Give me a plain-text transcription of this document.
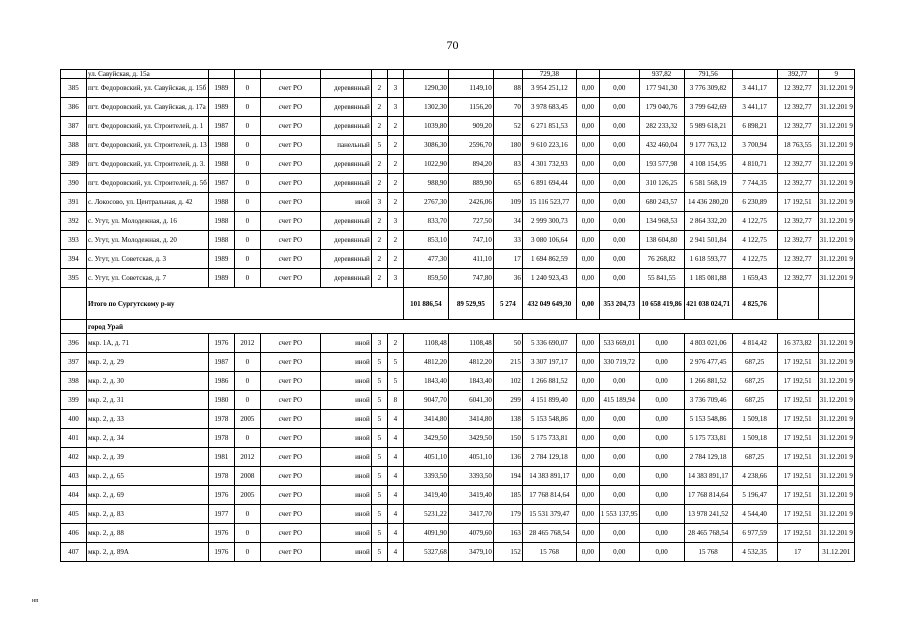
70
	ул. Савуйская, д. 15а										729,38			937,82	791,56		392,77	9
385	пгт. Федоровский, ул. Савуйская, д. 15б	1989	0	счет РО	деревянный	2	3	1290,30	1149,10	88	3 954 251,12	0,00	0,00	177 941,30	3 776 309,82	3 441,17	12 392,77	31.12.201 9
386	пгт. Федоровский, ул. Савуйская, д. 17а	1989	0	счет РО	деревянный	2	3	1302,30	1156,20	70	3 978 683,45	0,00	0,00	179 040,76	3 799 642,69	3 441,17	12 392,77	31.12.201 9
387	пгт. Федоровский, ул. Строителей, д. 1	1987	0	счет РО	деревянный	2	2	1039,80	909,20	52	6 271 851,53	0,00	0,00	282 233,32	5 989 618,21	6 898,21	12 392,77	31.12.201 9
388	пгт. Федоровский, ул. Строителей, д. 13	1988	0	счет РО	панельный	5	2	3086,30	2596,70	180	9 610 223,16	0,00	0,00	432 460,04	9 177 763,12	3 700,94	18 763,55	31.12.201 9
389	пгт. Федоровский, ул. Строителей, д. 3.	1988	0	счет РО	деревянный	2	2	1022,90	894,20	83	4 301 732,93	0,00	0,00	193 577,98	4 108 154,95	4 810,71	12 392,77	31.12.201 9
390	пгт. Федоровский, ул. Строителей, д. 5б	1987	0	счет РО	деревянный	2	2	988,90	889,90	65	6 891 694,44	0,00	0,00	310 126,25	6 581 568,19	7 744,35	12 392,77	31.12.201 9
391	с. Локосово, ул. Центральная, д. 42	1988	0	счет РО	иной	3	2	2767,30	2426,06	109	15 116 523,77	0,00	0,00	680 243,57	14 436 280,20	6 230,89	17 192,51	31.12.201 9
392	с. Угут, ул. Молодежная, д. 16	1988	0	счет РО	деревянный	2	3	833,70	727,50	34	2 999 300,73	0,00	0,00	134 968,53	2 864 332,20	4 122,75	12 392,77	31.12.201 9
393	с. Угут, ул. Молодежная, д. 20	1988	0	счет РО	деревянный	2	2	853,10	747,10	33	3 080 106,64	0,00	0,00	138 604,80	2 941 501,84	4 122,75	12 392,77	31.12.201 9
394	с. Угут, ул. Советская, д. 3	1989	0	счет РО	деревянный	2	2	477,30	411,10	17	1 694 862,59	0,00	0,00	76 268,82	1 618 593,77	4 122,75	12 392,77	31.12.201 9
395	с. Угут, ул. Советская, д. 7	1989	0	счет РО	деревянный	2	3	859,50	747,80	36	1 240 923,43	0,00	0,00	55 841,55	1 185 081,88	1 659,43	12 392,77	31.12.201 9
	Итого по Сургутскому р-ну							101 886,54	89 529,95	5 274	432 049 649,30	0,00	353 204,73	10 658 419,86	421 038 024,71	4 825,76		
	город Урай																	
396	мкр. 1А, д. 71	1976	2012	счет РО	иной	3	2	1108,48	1108,48	50	5 336 690,07	0,00	533 669,01	0,00	4 803 021,06	4 814,42	16 373,82	31.12.201 9
397	мкр. 2, д. 29	1987	0	счет РО	иной	5	5	4812,20	4812,20	215	3 307 197,17	0,00	330 719,72	0,00	2 976 477,45	687,25	17 192,51	31.12.201 9
398	мкр. 2, д. 30	1986	0	счет РО	иной	5	5	1843,40	1843,40	102	1 266 881,52	0,00	0,00	0,00	1 266 881,52	687,25	17 192,51	31.12.201 9
399	мкр. 2, д. 31	1980	0	счет РО	иной	5	8	9047,70	6041,30	299	4 151 899,40	0,00	415 189,94	0,00	3 736 709,46	687,25	17 192,51	31.12.201 9
400	мкр. 2, д. 33	1978	2005	счет РО	иной	5	4	3414,80	3414,80	138	5 153 548,86	0,00	0,00	0,00	5 153 548,86	1 509,18	17 192,51	31.12.201 9
401	мкр. 2, д. 34	1978	0	счет РО	иной	5	4	3429,50	3429,50	150	5 175 733,81	0,00	0,00	0,00	5 175 733,81	1 509,18	17 192,51	31.12.201 9
402	мкр. 2, д. 39	1981	2012	счет РО	иной	5	4	4051,10	4051,10	136	2 784 129,18	0,00	0,00	0,00	2 784 129,18	687,25	17 192,51	31.12.201 9
403	мкр. 2, д. 65	1978	2008	счет РО	иной	5	4	3393,50	3393,50	194	14 383 891,17	0,00	0,00	0,00	14 383 891,17	4 238,66	17 192,51	31.12.201 9
404	мкр. 2, д. 69	1976	2005	счет РО	иной	5	4	3419,40	3419,40	185	17 768 814,64	0,00	0,00	0,00	17 768 814,64	5 196,47	17 192,51	31.12.201 9
405	мкр. 2, д. 83	1977	0	счет РО	иной	5	4	5231,22	3417,70	179	15 531 379,47	0,00	1 553 137,95	0,00	13 978 241,52	4 544,40	17 192,51	31.12.201 9
406	мкр. 2, д. 88	1976	0	счет РО	иной	5	4	4091,90	4079,60	163	28 465 768,54	0,00	0,00	0,00	28 465 768,54	6 977,59	17 192,51	31.12.201 9
407	мкр. 2, д. 89А	1976	0	счет РО	иной	5	4	5327,68	3479,10	152	15 768	0,00	0,00	0,00	15 768	4 532,35	17	31.12.201
нп
